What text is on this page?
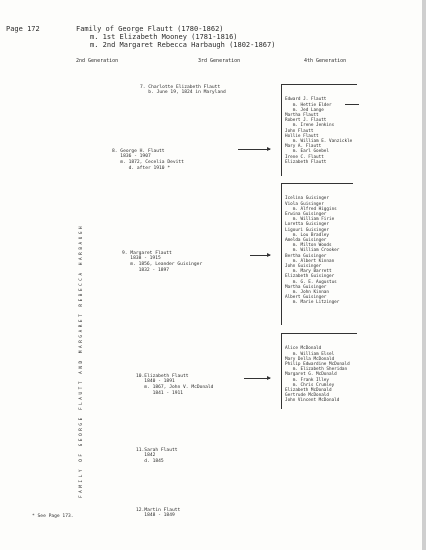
Page 172	Family of George Flautt (1780-1862)
m. 1st Elizabeth Mooney (1781-1816)
m. 2nd Margaret Rebecca Harbaugh (1802-1867)
2nd Generation	3rd Generation	4th Generation
F A M I L Y   O F   G E O R G E   F L A U T T   A N D   M A R G A R E T   R E B E C C A   H A R B A U G H

7. Charlotte Elizabeth Flautt
b. June 19, 1824 in Maryland

8. George H. Flautt
1836 - 1907
m. 1872, Cecelia Devitt
d. after 1910 *

9. Margaret Flautt
1838 - 1915
m. 1856, Leander Guisinger
1832 - 1897

10.Elizabeth Flautt
1840 - 1891
m. 1867, John V. McDonald
1841 - 1911

11.Sarah Flautt
1842
d. 1845

12.Martin Flautt
1848 - 1849

Edward J. Flautt
m. Hettie Elder
m. Jed Lange
Martha Flautt
Robert J. Flautt
m. Irene Jenkins
John Flautt
Hollie Flautt
m. William E. Vanzickle
Mary A. Flautt
m. Earl Goebel
Irene C. Flautt
Elizabeth Flautt

Icelina Guisinger
Viola Guisinger
m. Alfred Higgins
Erwina Guisinger
m. William Firie
Loretta Guisinger
Ligouri Guisinger
m. Lou Bradley
Amelda Guisinger
m. Milton Woods
m. William Crooker
Bertha Guisinger
m. Albert Kinnan
John Guisinger
m. Mary Barrett
Elizabeth Guisinger
m. G. E. Augustus
Martha Guisinger
m. John Kinnan
Albert Guisinger
m. Marie Litzinger

Alice McDonald
m. William Elsel
Mary Della McDonald
Philip Edwardine McDonald
m. Elizabeth Sheridan
Margaret G. McDonald
m. Frank Illey
m. Chris Crumley
Elizabeth McDonald
Gertrude McDonald
John Vincent McDonald

* See Page 173.
